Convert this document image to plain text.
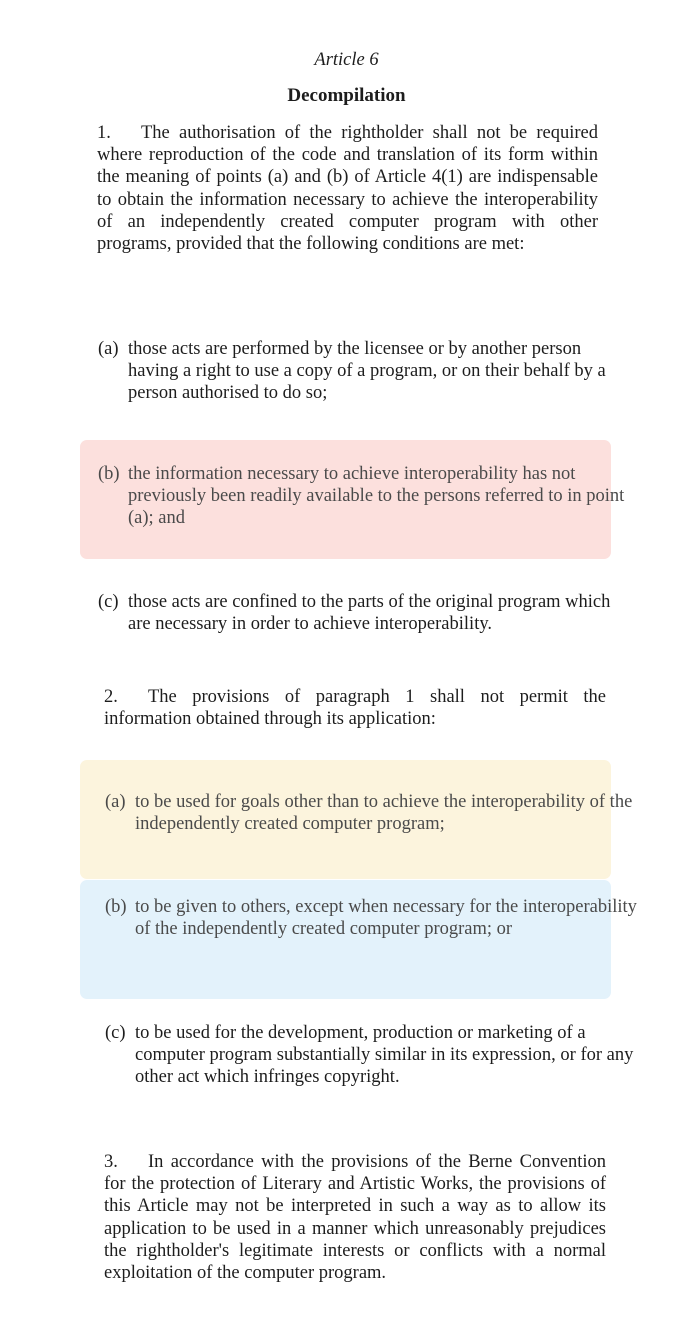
Article 6
Decompilation
1. The authorisation of the rightholder shall not be required where reproduction of the code and translation of its form within the meaning of points (a) and (b) of Article 4(1) are indispensable to obtain the information necessary to achieve the interoperability of an independently created computer program with other programs, provided that the following conditions are met:
(a) those acts are performed by the licensee or by another person having a right to use a copy of a program, or on their behalf by a person authorised to do so;
(b) the information necessary to achieve interoperability has not previously been readily available to the persons referred to in point (a); and
(c) those acts are confined to the parts of the original program which are necessary in order to achieve interoperability.
2. The provisions of paragraph 1 shall not permit the information obtained through its application:
(a) to be used for goals other than to achieve the interoperability of the independently created computer program;
(b) to be given to others, except when necessary for the interoperability of the independently created computer program; or
(c) to be used for the development, production or marketing of a computer program substantially similar in its expression, or for any other act which infringes copyright.
3. In accordance with the provisions of the Berne Convention for the protection of Literary and Artistic Works, the provisions of this Article may not be interpreted in such a way as to allow its application to be used in a manner which unreasonably prejudices the rightholder's legitimate interests or conflicts with a normal exploitation of the computer program.
